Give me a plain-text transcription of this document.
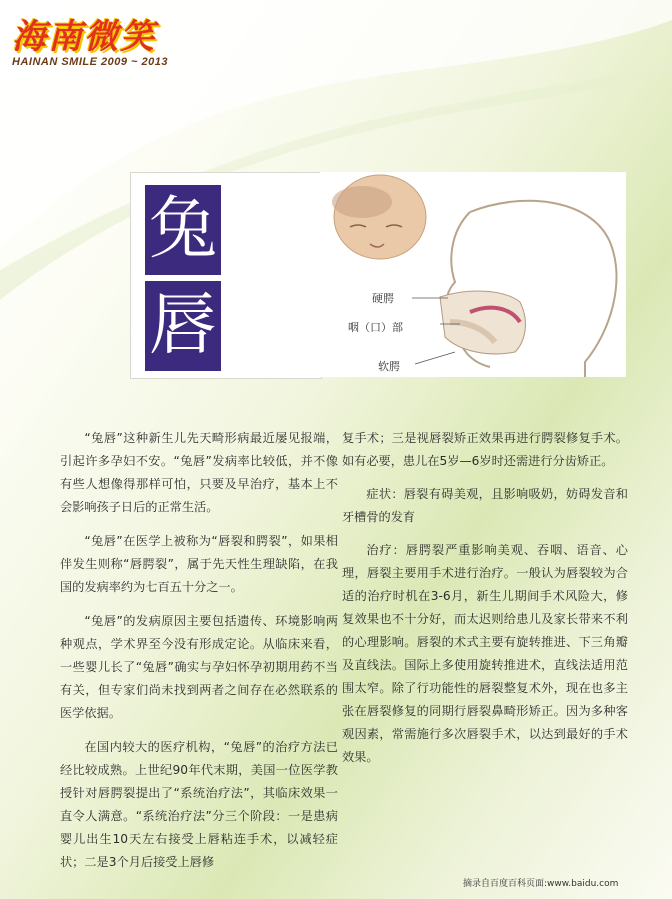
海南微笑
HAINAN SMILE 2009 ~ 2013
兔
唇	硬腭
咽（口）部
软腭

“兔唇”这种新生儿先天畸形病最近屡见报端，引起许多孕妇不安。“兔唇”发病率比较低，并不像有些人想像得那样可怕，只要及早治疗，基本上不会影响孩子日后的正常生活。

“兔唇”在医学上被称为“唇裂和腭裂”，如果相伴发生则称“唇腭裂”，属于先天性生理缺陷，在我国的发病率约为七百五十分之一。

“兔唇”的发病原因主要包括遗传、环境影响两种观点，学术界至今没有形成定论。从临床来看，一些婴儿长了“兔唇”确实与孕妇怀孕初期用药不当有关，但专家们尚未找到两者之间存在必然联系的医学依据。

在国内较大的医疗机构，“兔唇”的治疗方法已经比较成熟。上世纪90年代末期，美国一位医学教授针对唇腭裂提出了“系统治疗法”，其临床效果一直令人满意。“系统治疗法”分三个阶段：一是患病婴儿出生10天左右接受上唇粘连手术，以减轻症状；二是3个月后接受上唇修

复手术；三是视唇裂矫正效果再进行腭裂修复手术。如有必要，患儿在5岁—6岁时还需进行分齿矫正。

症状：唇裂有碍美观，且影响吸奶，妨碍发音和牙槽骨的发育

治疗：唇腭裂严重影响美观、吞咽、语音、心理，唇裂主要用手术进行治疗。一般认为唇裂较为合适的治疗时机在3-6月，新生儿期间手术风险大，修复效果也不十分好，而太迟则给患儿及家长带来不利的心理影响。唇裂的术式主要有旋转推进、下三角瓣及直线法。国际上多使用旋转推进术，直线法适用范围太窄。除了行功能性的唇裂整复术外，现在也多主张在唇裂修复的同期行唇裂鼻畸形矫正。因为多种客观因素，常需施行多次唇裂手术，以达到最好的手术效果。

摘录自百度百科页面:www.baidu.com
